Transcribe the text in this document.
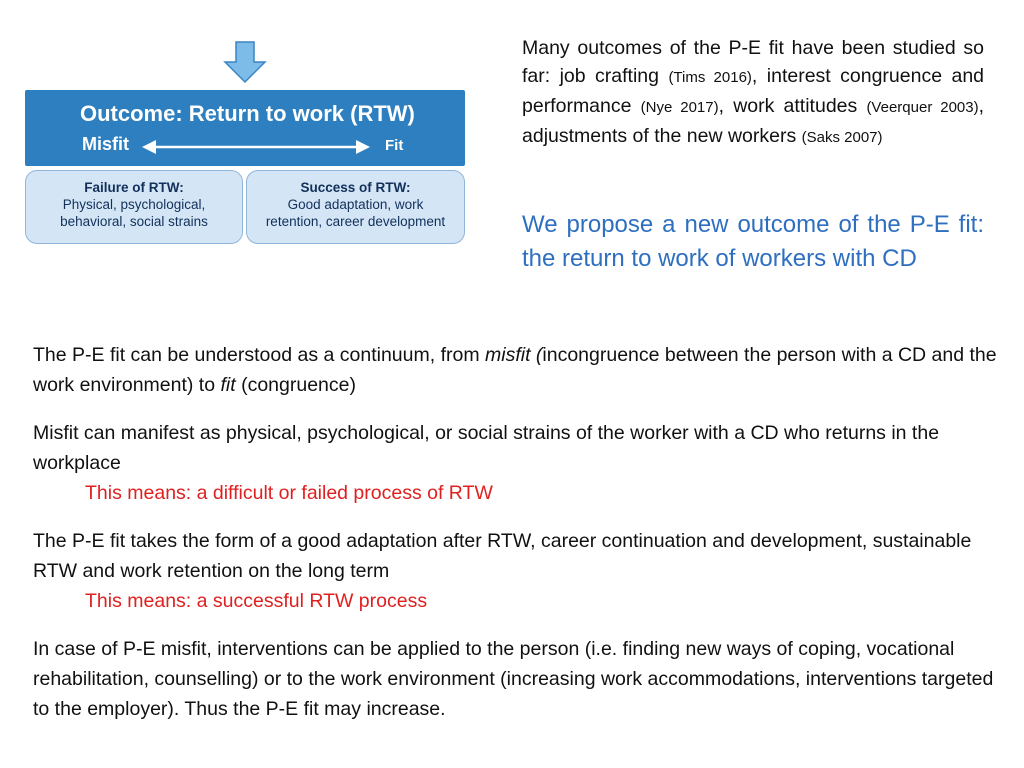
Outcome: Return to work (RTW)
Misfit	Fit
Failure of RTW:
Physical, psychological,
behavioral, social strains
Success of RTW:
Good adaptation, work
retention, career development
Many outcomes of the P-E fit have been studied so far: job crafting (Tims 2016), interest congruence and performance (Nye 2017), work attitudes (Veerquer 2003), adjustments of the new workers (Saks 2007)
We propose a new outcome of the P-E fit: the return to work of workers with CD

The P-E fit can be understood as a continuum, from misfit (incongruence between the person with a CD and the work environment) to fit (congruence)

Misfit can manifest as physical, psychological, or social strains of the worker with a CD who returns in the workplace
This means: a difficult or failed process of RTW

The P-E fit takes the form of a good adaptation after RTW, career continuation and development, sustainable RTW and work retention on the long term
This means: a successful RTW process

In case of P-E misfit, interventions can be applied to the person (i.e. finding new ways of coping, vocational rehabilitation, counselling) or to the work environment (increasing work accommodations, interventions targeted to the employer). Thus the P-E fit may increase.
